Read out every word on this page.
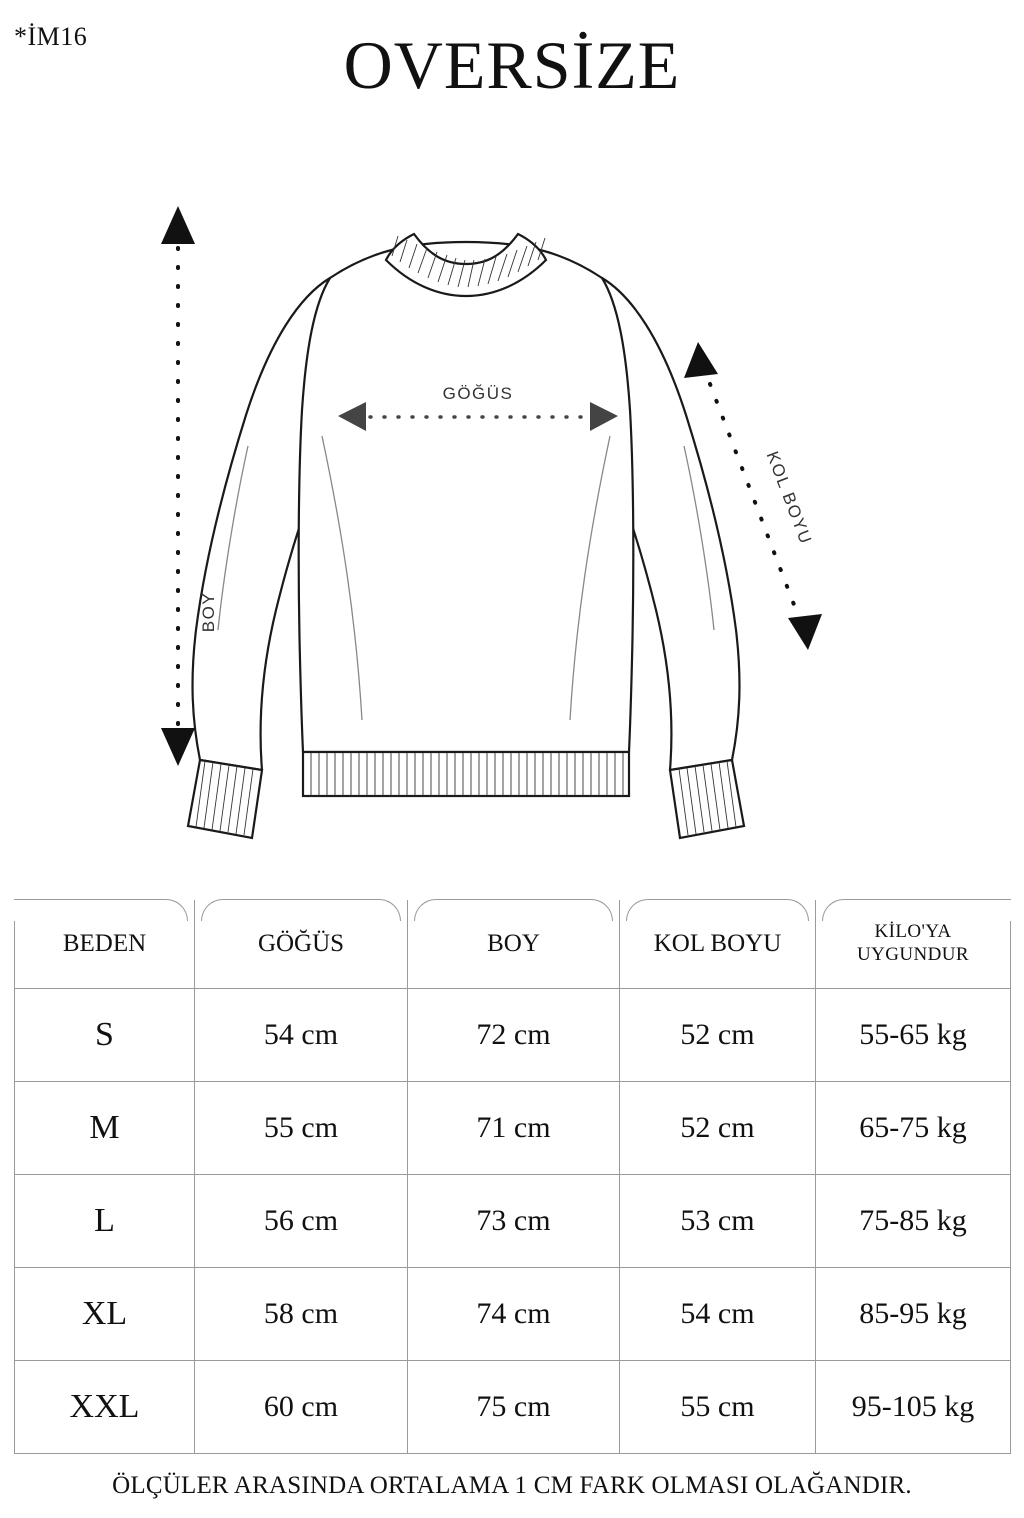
*İM16	OVERSİZE
BOY
GÖĞÜS
KOL BOYU
BEDEN	GÖĞÜS	BOY	KOL BOYU	KİLO'YA
UYGUNDUR

S	54 cm	72 cm	52 cm	55-65 kg
M	55 cm	71 cm	52 cm	65-75 kg
L	56 cm	73 cm	53 cm	75-85 kg
XL	58 cm	74 cm	54 cm	85-95 kg
XXL	60 cm	75 cm	55 cm	95-105 kg
ÖLÇÜLER ARASINDA ORTALAMA 1 CM FARK OLMASI OLAĞANDIR.
